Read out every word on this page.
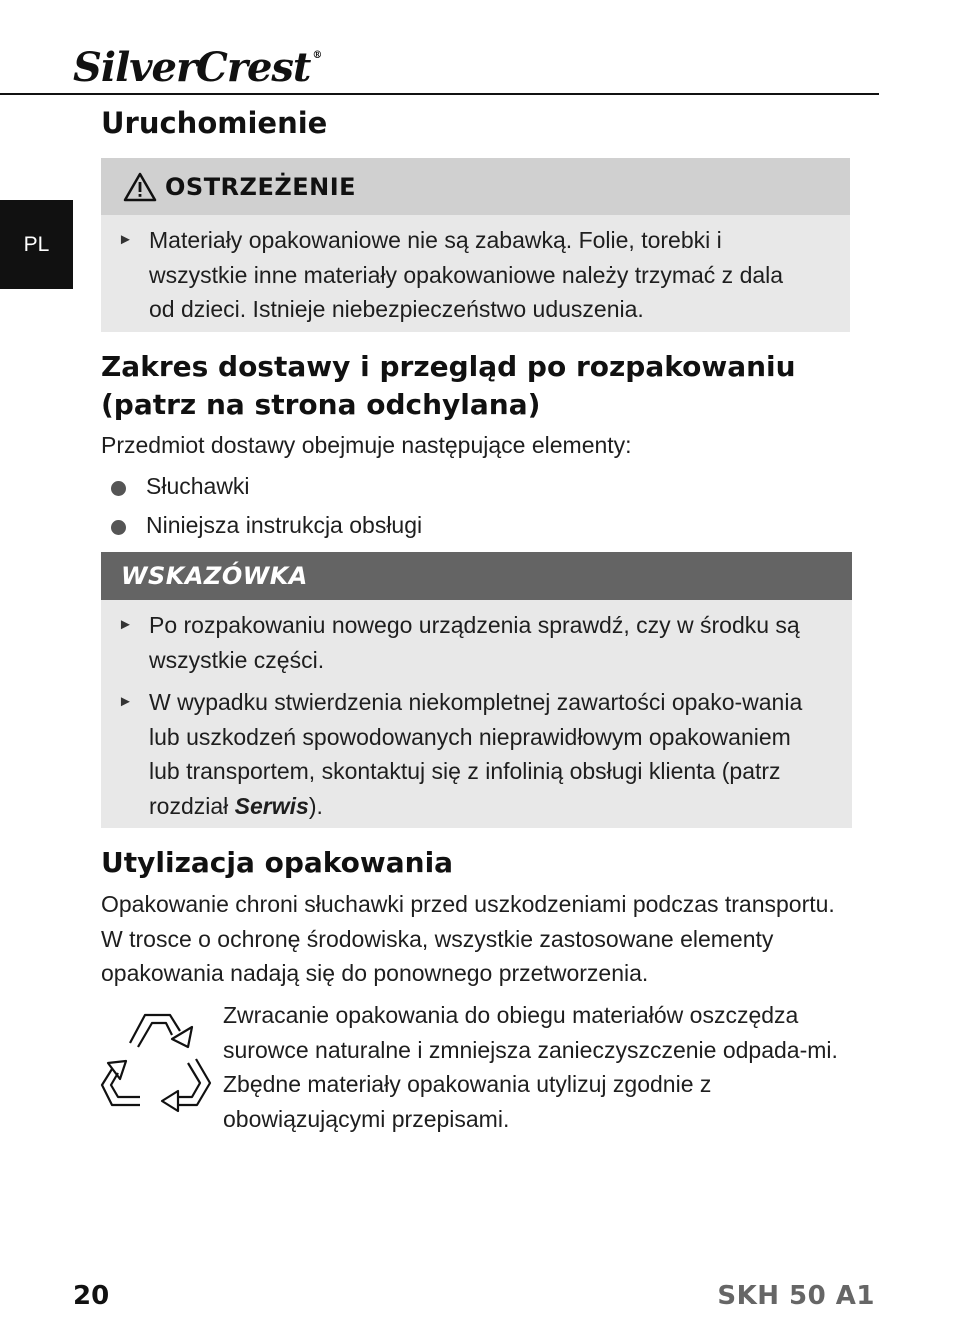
SilverCrest ®
PL
Uruchomienie
OSTRZEŻENIE
► Materiały opakowaniowe nie są zabawką. Folie, torebki i wszystkie inne materiały opakowaniowe należy trzymać z dala od dzieci. Istnieje niebezpieczeństwo uduszenia.
Zakres dostawy i przegląd po rozpakowaniu
(patrz na strona odchylana)
Przedmiot dostawy obejmuje następujące elementy:
Słuchawki
Niniejsza instrukcja obsługi
WSKAZÓWKA
► Po rozpakowaniu nowego urządzenia sprawdź, czy w środku są wszystkie części.
► W wypadku stwierdzenia niekompletnej zawartości opako-wania lub uszkodzeń spowodowanych nieprawidłowym opakowaniem lub transportem, skontaktuj się z infolinią obsługi klienta (patrz rozdział Serwis).
Utylizacja opakowania
Opakowanie chroni słuchawki przed uszkodzeniami podczas transportu. W trosce o ochronę środowiska, wszystkie zastosowane elementy opakowania nadają się do ponownego przetworzenia.
Zwracanie opakowania do obiegu materiałów oszczędza surowce naturalne i zmniejsza zanieczyszczenie odpada-mi. Zbędne materiały opakowania utylizuj zgodnie z obowiązującymi przepisami.
20	SKH 50 A1
